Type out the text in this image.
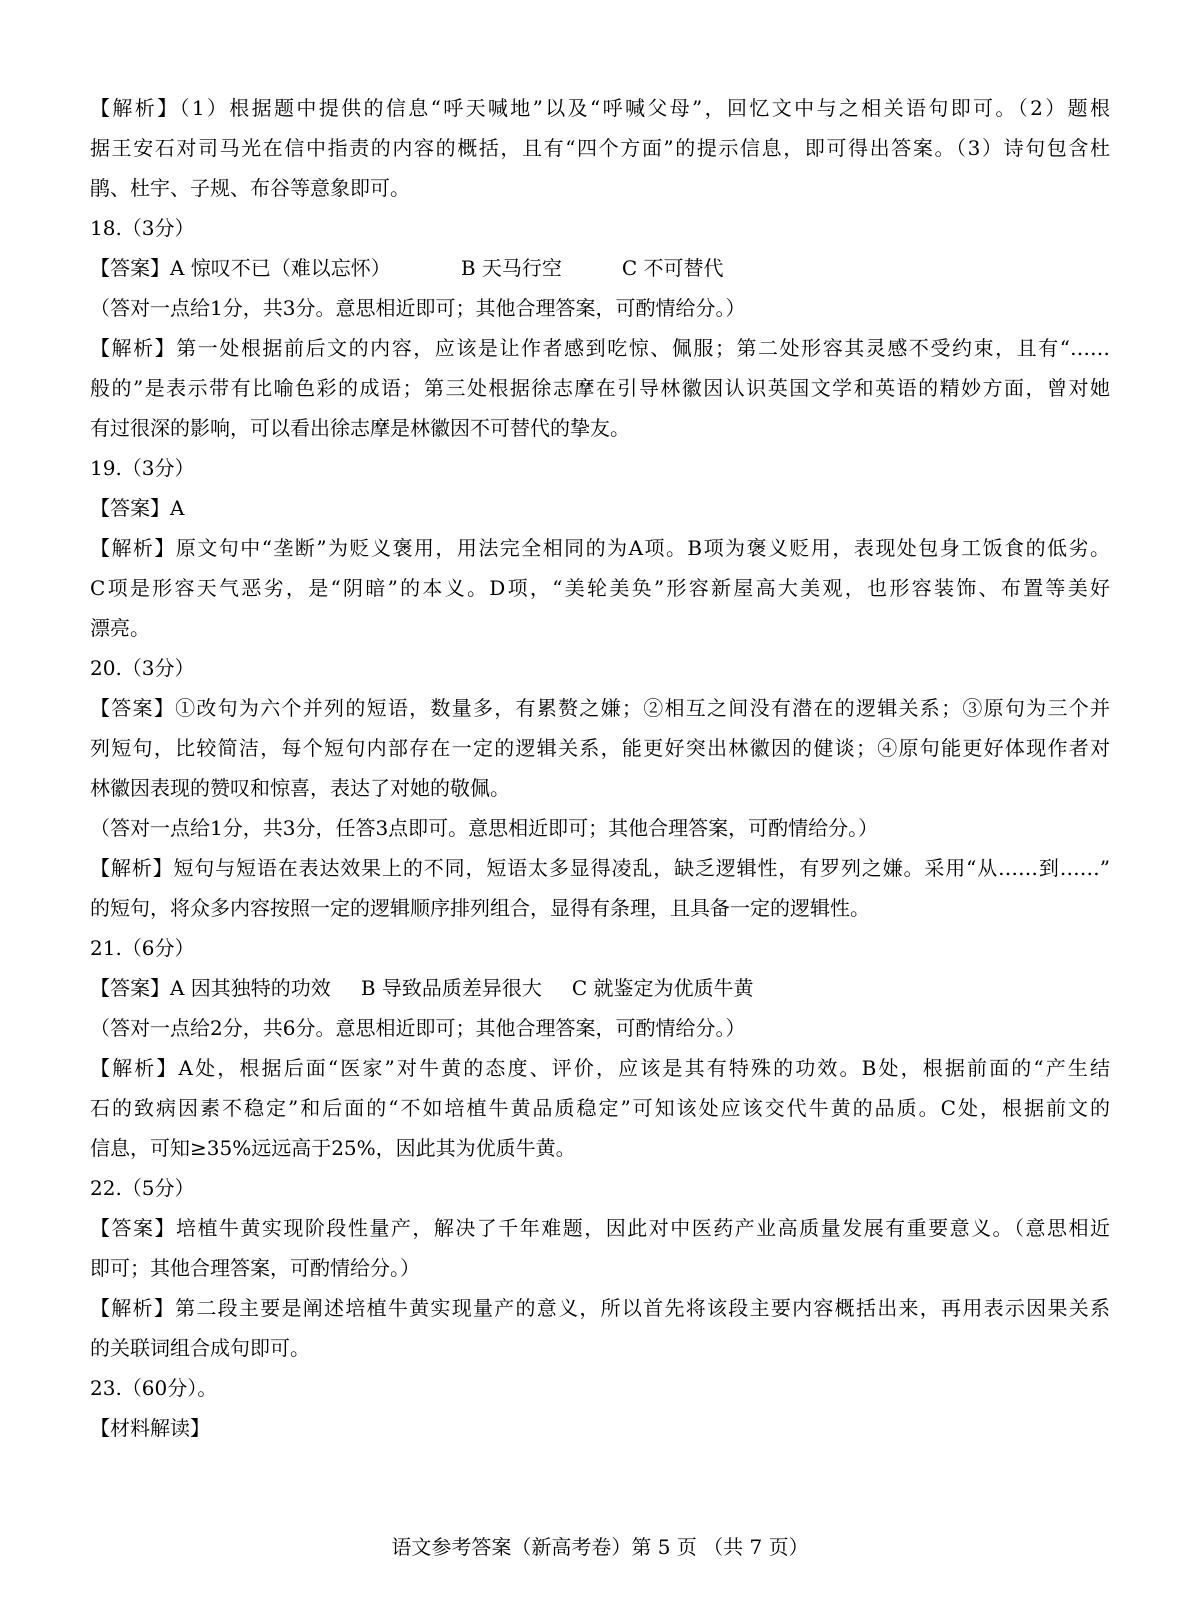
【解析】（1）根据题中提供的信息“呼天喊地”以及“呼喊父母”，回忆文中与之相关语句即可。（2）题根
据王安石对司马光在信中指责的内容的概括，且有“四个方面”的提示信息，即可得出答案。（3）诗句包含杜
鹃、杜宇、子规、布谷等意象即可。
18.（3分）
【答案】A 惊叹不已（难以忘怀）	B 天马行空	C 不可替代
（答对一点给1分，共3分。意思相近即可；其他合理答案，可酌情给分。）
【解析】第一处根据前后文的内容，应该是让作者感到吃惊、佩服；第二处形容其灵感不受约束，且有“……
般的”是表示带有比喻色彩的成语；第三处根据徐志摩在引导林徽因认识英国文学和英语的精妙方面，曾对她
有过很深的影响，可以看出徐志摩是林徽因不可替代的挚友。
19.（3分）
【答案】A
【解析】原文句中“垄断”为贬义褒用，用法完全相同的为A项。B项为褒义贬用，表现处包身工饭食的低劣。
C项是形容天气恶劣，是“阴暗”的本义。D项，“美轮美奂”形容新屋高大美观，也形容装饰、布置等美好
漂亮。
20.（3分）
【答案】①改句为六个并列的短语，数量多，有累赘之嫌；②相互之间没有潜在的逻辑关系；③原句为三个并
列短句，比较简洁，每个短句内部存在一定的逻辑关系，能更好突出林徽因的健谈；④原句能更好体现作者对
林徽因表现的赞叹和惊喜，表达了对她的敬佩。
（答对一点给1分，共3分，任答3点即可。意思相近即可；其他合理答案，可酌情给分。）
【解析】短句与短语在表达效果上的不同，短语太多显得凌乱，缺乏逻辑性，有罗列之嫌。采用“从……到……”
的短句，将众多内容按照一定的逻辑顺序排列组合，显得有条理，且具备一定的逻辑性。
21.（6分）
【答案】A 因其独特的功效 B 导致品质差异很大 C 就鉴定为优质牛黄
（答对一点给2分，共6分。意思相近即可；其他合理答案，可酌情给分。）
【解析】A处，根据后面“医家”对牛黄的态度、评价，应该是其有特殊的功效。B处，根据前面的“产生结
石的致病因素不稳定”和后面的“不如培植牛黄品质稳定”可知该处应该交代牛黄的品质。C处，根据前文的
信息，可知≥35%远远高于25%，因此其为优质牛黄。
22.（5分）
【答案】培植牛黄实现阶段性量产，解决了千年难题，因此对中医药产业高质量发展有重要意义。（意思相近
即可；其他合理答案，可酌情给分。）
【解析】第二段主要是阐述培植牛黄实现量产的意义，所以首先将该段主要内容概括出来，再用表示因果关系
的关联词组合成句即可。
23.（60分）。
【材料解读】
语文参考答案（新高考卷）第 5 页 （共 7 页）
